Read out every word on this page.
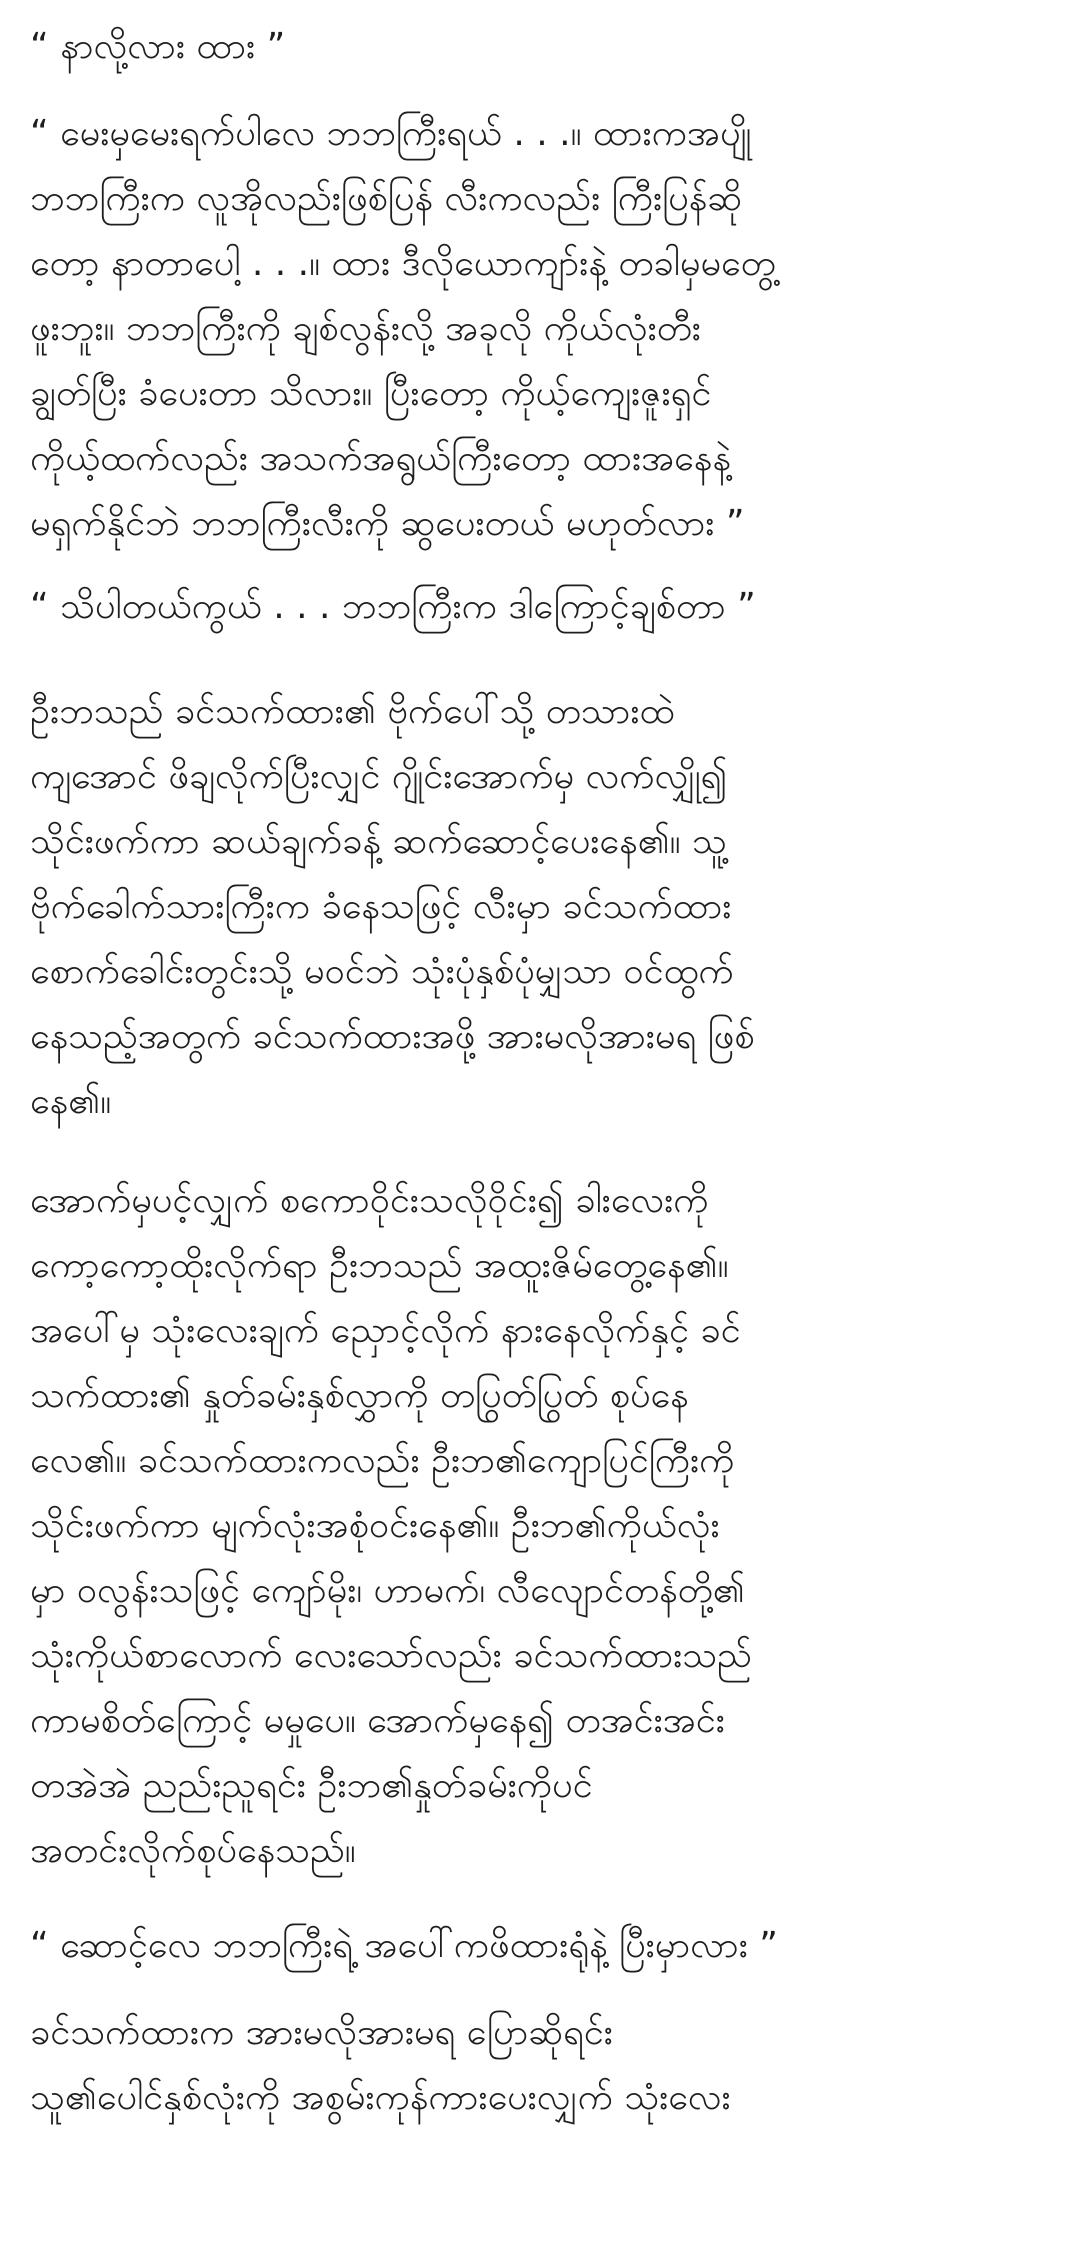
“ နာလို့လား ထား ”

“ မေးမှမေးရက်ပါလေ ဘဘကြီးရယ် . . .။ ထားကအပျို
ဘဘကြီးက လူအိုလည်းဖြစ်ပြန် လီးကလည်း ကြီးပြန်ဆို
တော့ နာတာပေါ့ . . .။ ထား ဒီလိုယောကျာ်းနဲ့ တခါမှမတွေ့
ဖူးဘူး။ ဘဘကြီးကို ချစ်လွန်းလို့ အခုလို ကိုယ်လုံးတီး
ချွတ်ပြီး ခံပေးတာ သိလား။ ပြီးတော့ ကိုယ့်ကျေးဇူးရှင်
ကိုယ့်ထက်လည်း အသက်အရွယ်ကြီးတော့ ထားအနေနဲ့
မရှက်နိုင်ဘဲ ဘဘကြီးလီးကို ဆွပေးတယ် မဟုတ်လား ”

“ သိပါတယ်ကွယ် . . . ဘဘကြီးက ဒါကြောင့်ချစ်တာ ”

ဦးဘသည် ခင်သက်ထား၏ ဗိုက်ပေါ်သို့ တသားထဲ
ကျအောင် ဖိချလိုက်ပြီးလျှင် ဂျိုင်းအောက်မှ လက်လျှို၍
သိုင်းဖက်ကာ ဆယ်ချက်ခန့် ဆက်ဆောင့်ပေးနေ၏။ သူ့
ဗိုက်ခေါက်သားကြီးက ခံနေသဖြင့် လီးမှာ ခင်သက်ထား
စောက်ခေါင်းတွင်းသို့ မဝင်ဘဲ သုံးပုံနှစ်ပုံမျှသာ ဝင်ထွက်
နေသည့်အတွက် ခင်သက်ထားအဖို့ အားမလိုအားမရ ဖြစ်
နေ၏။

အောက်မှပင့်လျှက် စကောဝိုင်းသလိုဝိုင်း၍ ခါးလေးကို
ကော့ကော့ထိုးလိုက်ရာ ဦးဘသည် အထူးဇိမ်တွေ့နေ၏။
အပေါ်မှ သုံးလေးချက် ညှောင့်လိုက် နားနေလိုက်နှင့် ခင်
သက်ထား၏ နှုတ်ခမ်းနှစ်လွှာကို တပြွတ်ပြွတ် စုပ်နေ
လေ၏။ ခင်သက်ထားကလည်း ဦးဘ၏ကျောပြင်ကြီးကို
သိုင်းဖက်ကာ မျက်လုံးအစုံဝင်းနေ၏။ ဦးဘ၏ကိုယ်လုံး
မှာ ဝလွန်းသဖြင့် ကျော်မိုး၊ ဟာမက်၊ လီလျောင်တန်တို့၏
သုံးကိုယ်စာလောက် လေးသော်လည်း ခင်သက်ထားသည်
ကာမစိတ်ကြောင့် မမှုပေ။ အောက်မှနေ၍ တအင်းအင်း
တအဲအဲ ညည်းညူရင်း ဦးဘ၏နှုတ်ခမ်းကိုပင်
အတင်းလိုက်စုပ်နေသည်။

“ ဆောင့်လေ ဘဘကြီးရဲ့ အပေါ်ကဖိထားရုံနဲ့ ပြီးမှာလား ”

ခင်သက်ထားက အားမလိုအားမရ ပြောဆိုရင်း
သူ၏ပေါင်နှစ်လုံးကို အစွမ်းကုန်ကားပေးလျှက် သုံးလေး
